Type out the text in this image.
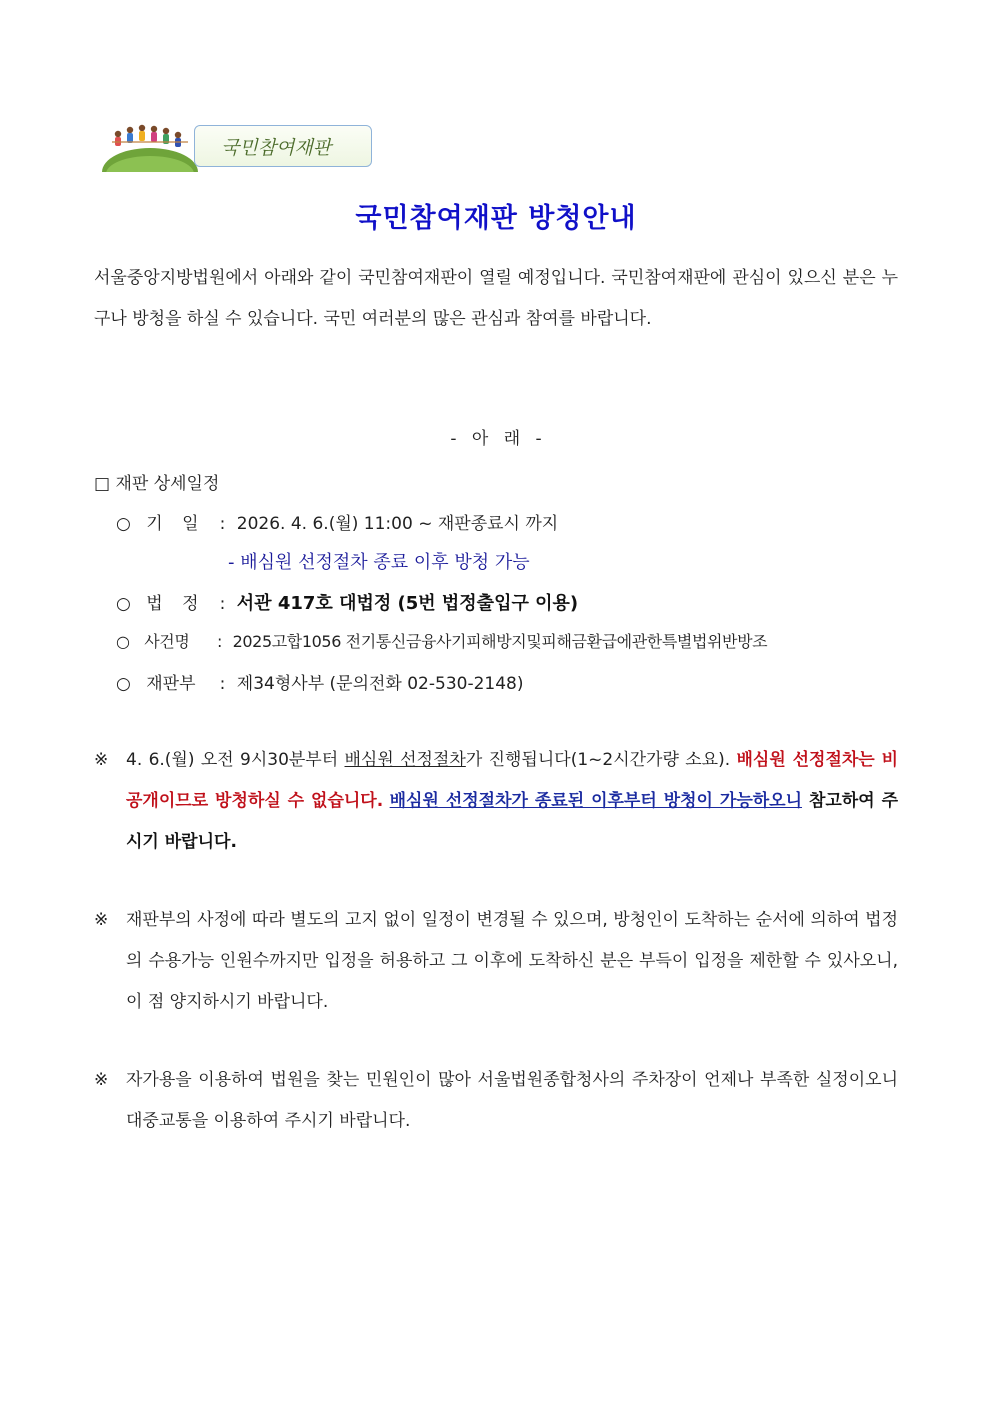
국민참여재판
국민참여재판 방청안내
서울중앙지방법원에서 아래와 같이 국민참여재판이 열릴 예정입니다. 국민참여재판에 관심이 있으신 분은 누구나 방청을 하실 수 있습니다. 국민 여러분의 많은 관심과 참여를 바랍니다.
- 아 래 -
□ 재판 상세일정
○ 기 일 : 2026. 4. 6.(월) 11:00 ~ 재판종료시 까지
- 배심원 선정절차 종료 이후 방청 가능
○ 법 정 : 서관 417호 대법정 (5번 법정출입구 이용)
○ 사건명 : 2025고합1056 전기통신금융사기피해방지및피해금환급에관한특별법위반방조
○ 재판부 : 제34형사부 (문의전화 02-530-2148)
※ 4. 6.(월) 오전 9시30분부터 배심원 선정절차가 진행됩니다(1~2시간가량 소요). 배심원 선정절차는 비공개이므로 방청하실 수 없습니다. 배심원 선정절차가 종료된 이후부터 방청이 가능하오니 참고하여 주시기 바랍니다.
※ 재판부의 사정에 따라 별도의 고지 없이 일정이 변경될 수 있으며, 방청인이 도착하는 순서에 의하여 법정의 수용가능 인원수까지만 입정을 허용하고 그 이후에 도착하신 분은 부득이 입정을 제한할 수 있사오니, 이 점 양지하시기 바랍니다.
※ 자가용을 이용하여 법원을 찾는 민원인이 많아 서울법원종합청사의 주차장이 언제나 부족한 실정이오니 대중교통을 이용하여 주시기 바랍니다.
